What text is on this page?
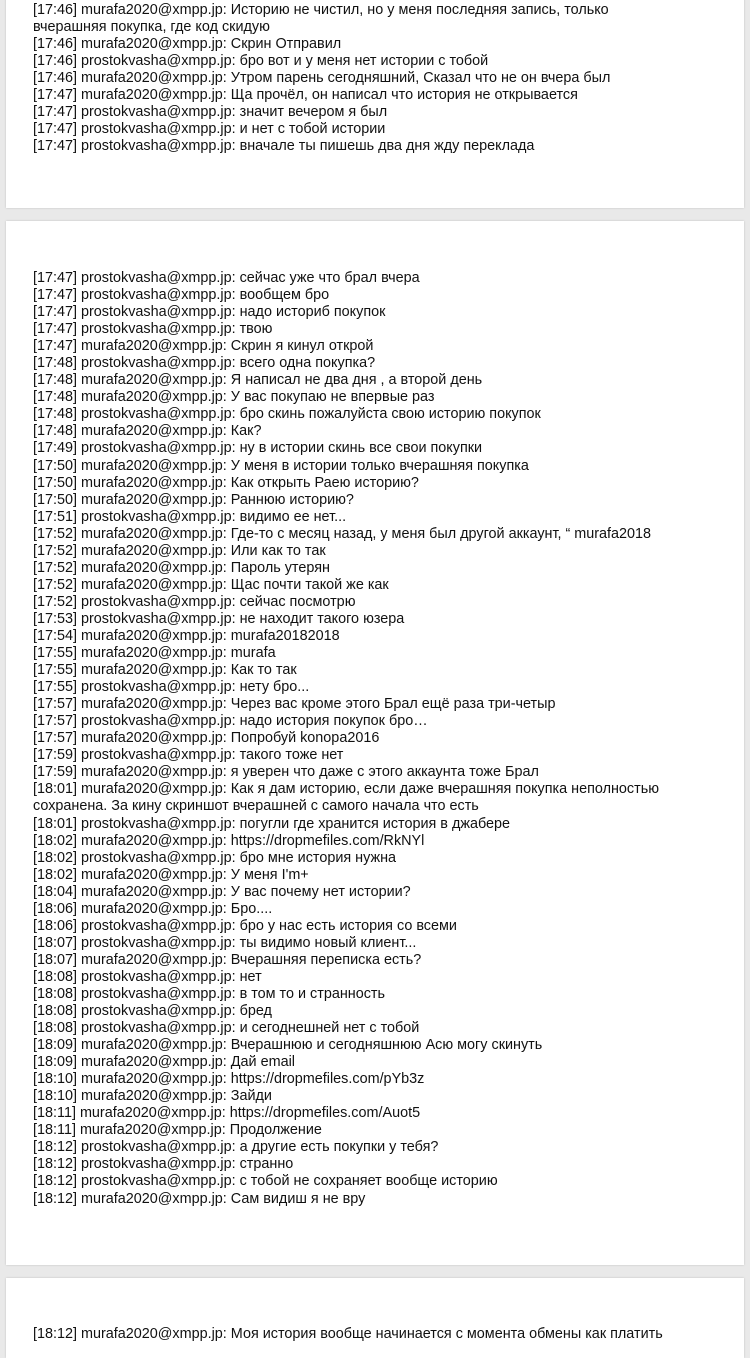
[17:46] murafa2020@xmpp.jp: Историю не чистил, но у меня последняя запись, только
вчерашняя покупка, где код скидую
[17:46] murafa2020@xmpp.jp: Скрин Отправил
[17:46] prostokvasha@xmpp.jp: бро вот и у меня нет истории с тобой
[17:46] murafa2020@xmpp.jp: Утром парень сегодняшний, Сказал что не он вчера был
[17:47] murafa2020@xmpp.jp: Ща прочёл, он написал что история не открывается
[17:47] prostokvasha@xmpp.jp: значит вечером я был
[17:47] prostokvasha@xmpp.jp: и нет с тобой истории
[17:47] prostokvasha@xmpp.jp: вначале ты пишешь два дня жду переклада
[17:47] prostokvasha@xmpp.jp: сейчас уже что брал вчера
[17:47] prostokvasha@xmpp.jp: вообщем бро
[17:47] prostokvasha@xmpp.jp: надо историб покупок
[17:47] prostokvasha@xmpp.jp: твою
[17:47] murafa2020@xmpp.jp: Скрин я кинул открой
[17:48] prostokvasha@xmpp.jp: всего одна покупка?
[17:48] murafa2020@xmpp.jp: Я написал не два дня , а второй день
[17:48] murafa2020@xmpp.jp: У вас покупаю не впервые раз
[17:48] prostokvasha@xmpp.jp: бро скинь пожалуйста свою историю покупок
[17:48] murafa2020@xmpp.jp: Как?
[17:49] prostokvasha@xmpp.jp: ну в истории скинь все свои покупки
[17:50] murafa2020@xmpp.jp: У меня в истории только вчерашняя покупка
[17:50] murafa2020@xmpp.jp: Как открыть Раею историю?
[17:50] murafa2020@xmpp.jp: Раннюю историю?
[17:51] prostokvasha@xmpp.jp: видимо ее нет...
[17:52] murafa2020@xmpp.jp: Где-то с месяц назад, у меня был другой аккаунт, “ murafa2018
[17:52] murafa2020@xmpp.jp: Или как то так
[17:52] murafa2020@xmpp.jp: Пароль утерян
[17:52] murafa2020@xmpp.jp: Щас почти такой же как
[17:52] prostokvasha@xmpp.jp: сейчас посмотрю
[17:53] prostokvasha@xmpp.jp: не находит такого юзера
[17:54] murafa2020@xmpp.jp: murafa20182018
[17:55] murafa2020@xmpp.jp: murafa
[17:55] murafa2020@xmpp.jp: Как то так
[17:55] prostokvasha@xmpp.jp: нету бро...
[17:57] murafa2020@xmpp.jp: Через вас кроме этого Брал ещё раза три-четыр
[17:57] prostokvasha@xmpp.jp: надо история покупок бро…
[17:57] murafa2020@xmpp.jp: Попробуй konopa2016
[17:59] prostokvasha@xmpp.jp: такого тоже нет
[17:59] murafa2020@xmpp.jp: я уверен что даже с этого аккаунта тоже Брал
[18:01] murafa2020@xmpp.jp: Как я дам историю, если даже вчерашняя покупка неполностью
сохранена. За кину скриншот вчерашней с самого начала что есть
[18:01] prostokvasha@xmpp.jp: погугли где хранится история в джабере
[18:02] murafa2020@xmpp.jp: https://dropmefiles.com/RkNYl
[18:02] prostokvasha@xmpp.jp: бро мне история нужна
[18:02] murafa2020@xmpp.jp: У меня I'm+
[18:04] murafa2020@xmpp.jp: У вас почему нет истории?
[18:06] murafa2020@xmpp.jp: Бро....
[18:06] prostokvasha@xmpp.jp: бро у нас есть история со всеми
[18:07] prostokvasha@xmpp.jp: ты видимо новый клиент...
[18:07] murafa2020@xmpp.jp: Вчерашняя переписка есть?
[18:08] prostokvasha@xmpp.jp: нет
[18:08] prostokvasha@xmpp.jp: в том то и странность
[18:08] prostokvasha@xmpp.jp: бред
[18:08] prostokvasha@xmpp.jp: и сегоднешней нет с тобой
[18:09] murafa2020@xmpp.jp: Вчерашнюю и сегодняшнюю Асю могу скинуть
[18:09] murafa2020@xmpp.jp: Дай email
[18:10] murafa2020@xmpp.jp: https://dropmefiles.com/pYb3z
[18:10] murafa2020@xmpp.jp: Зайди
[18:11] murafa2020@xmpp.jp: https://dropmefiles.com/Auot5
[18:11] murafa2020@xmpp.jp: Продолжение
[18:12] prostokvasha@xmpp.jp: а другие есть покупки у тебя?
[18:12] prostokvasha@xmpp.jp: странно
[18:12] prostokvasha@xmpp.jp: с тобой не сохраняет вообще историю
[18:12] murafa2020@xmpp.jp: Сам видиш я не вру
[18:12] murafa2020@xmpp.jp: Моя история вообще начинается с момента обмены как платить
